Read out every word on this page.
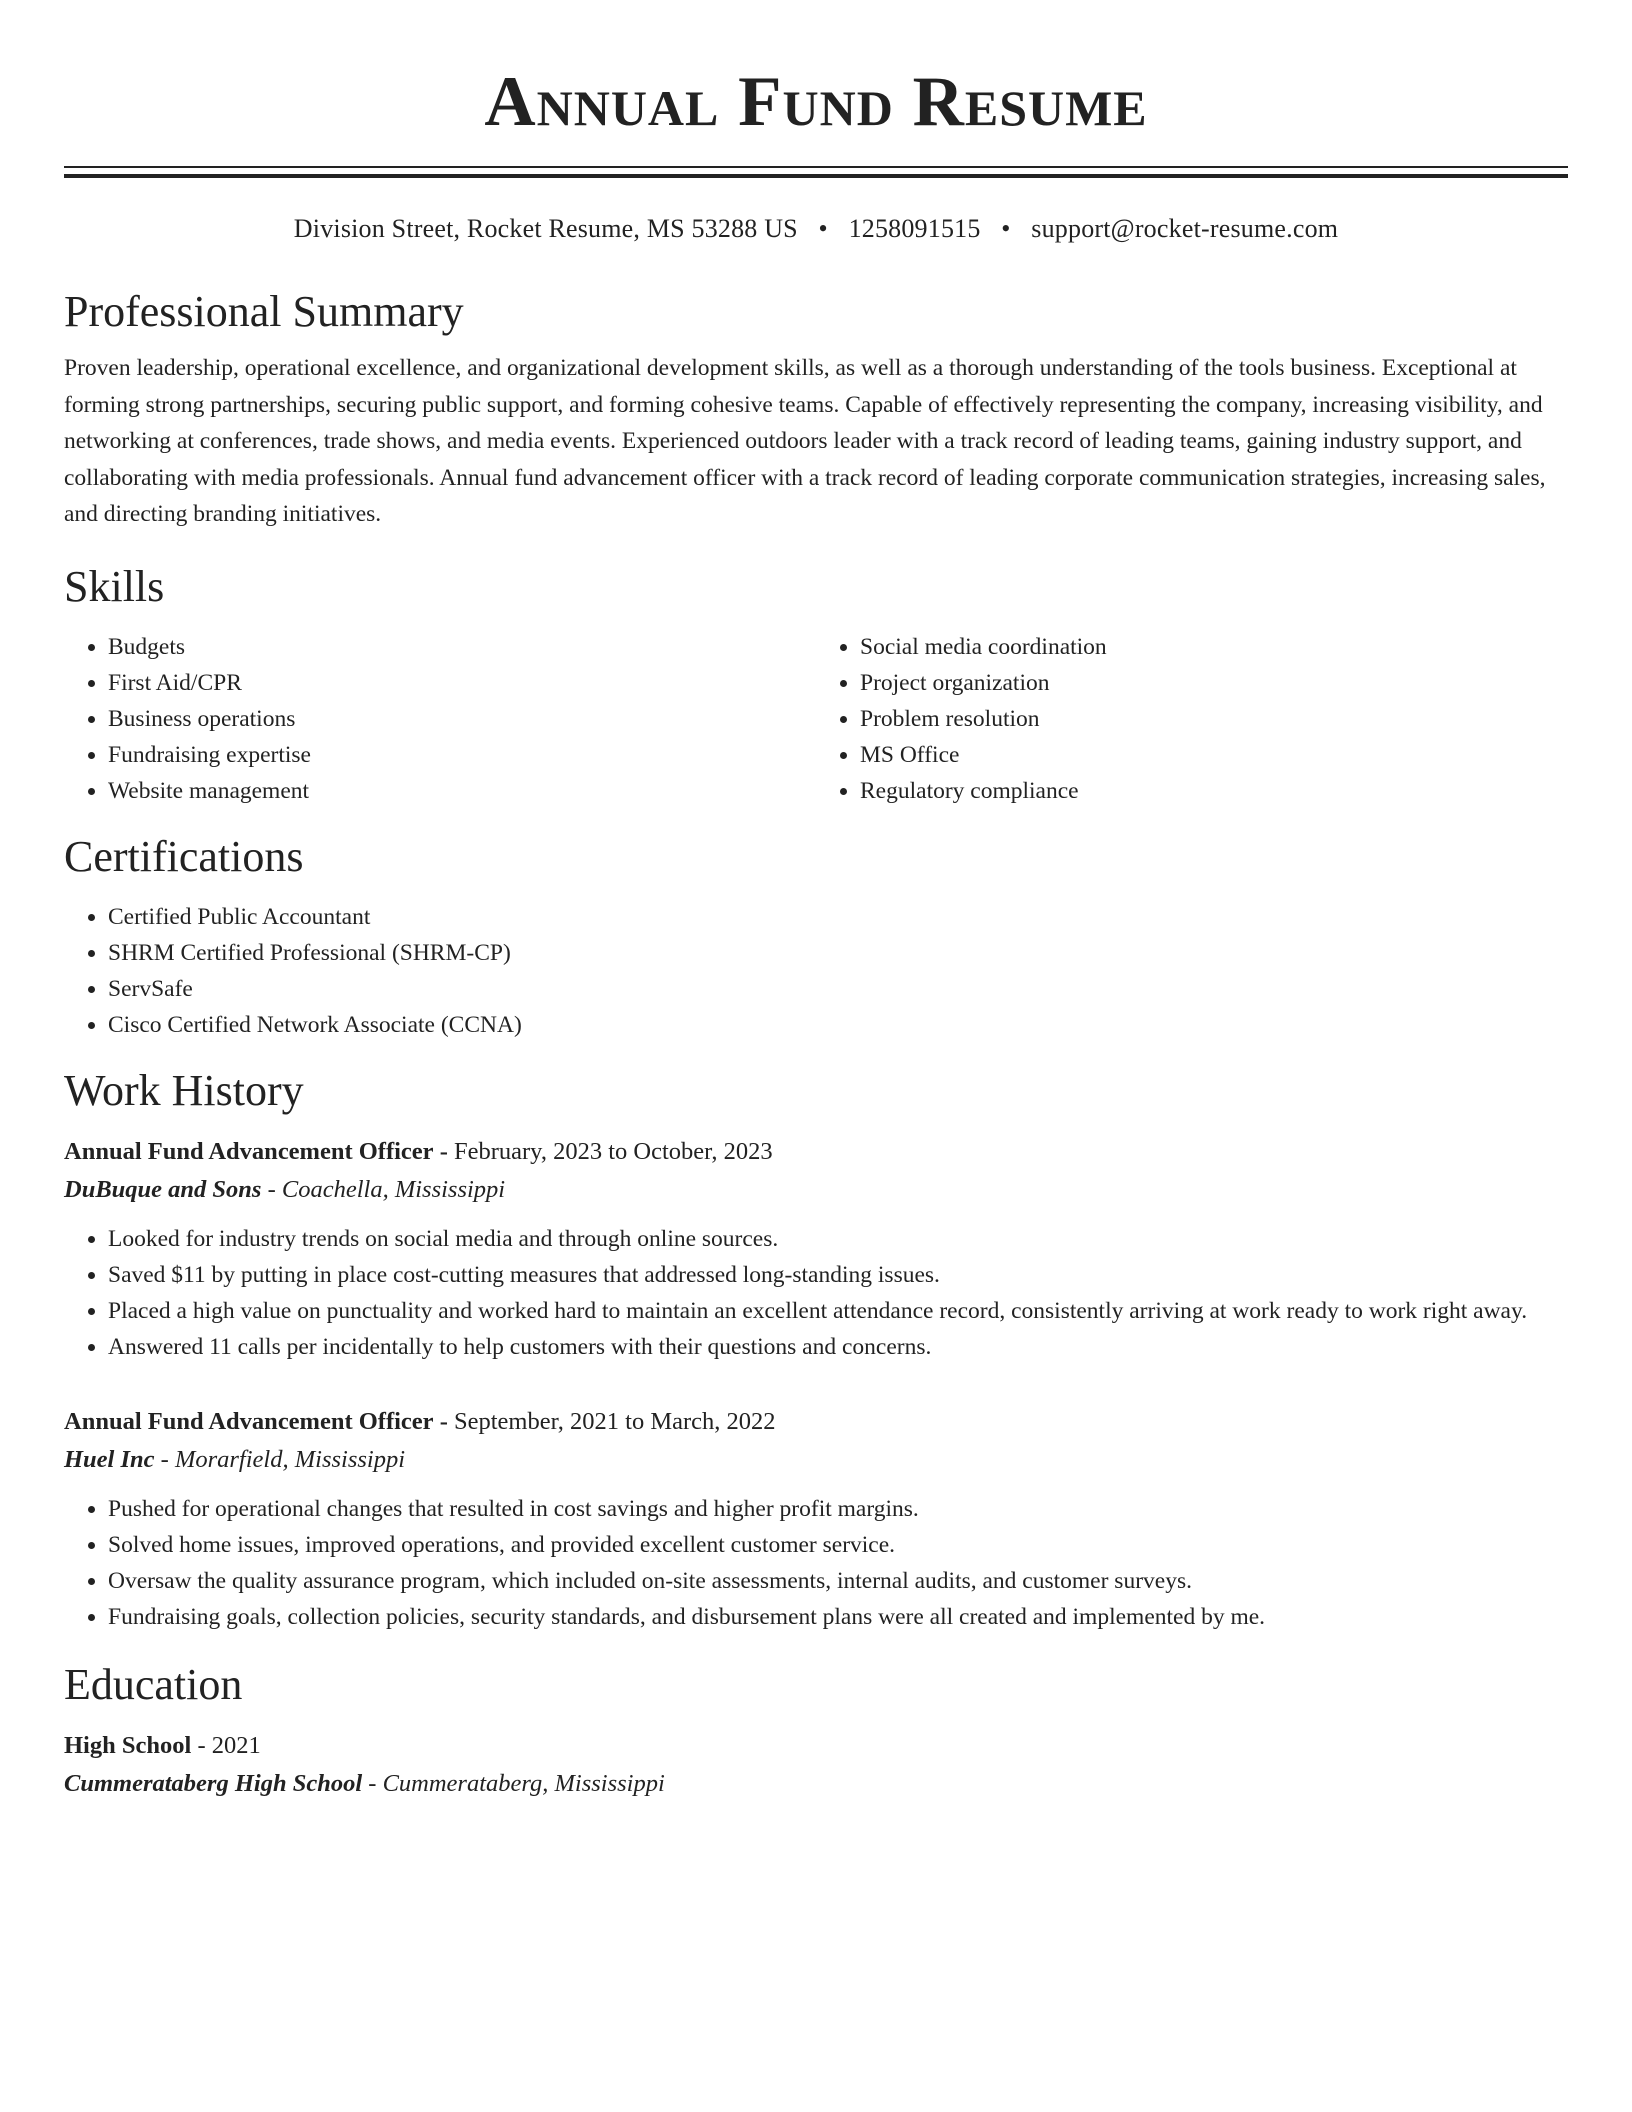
Annual Fund Resume
Division Street, Rocket Resume, MS 53288 US • 1258091515 • support@rocket-resume.com
Professional Summary
Proven leadership, operational excellence, and organizational development skills, as well as a thorough understanding of the tools business. Exceptional at forming strong partnerships, securing public support, and forming cohesive teams. Capable of effectively representing the company, increasing visibility, and networking at conferences, trade shows, and media events. Experienced outdoors leader with a track record of leading teams, gaining industry support, and collaborating with media professionals. Annual fund advancement officer with a track record of leading corporate communication strategies, increasing sales, and directing branding initiatives.
Skills
• Budgets
• First Aid/CPR
• Business operations
• Fundraising expertise
• Website management
• Social media coordination
• Project organization
• Problem resolution
• MS Office
• Regulatory compliance
Certifications
• Certified Public Accountant
• SHRM Certified Professional (SHRM-CP)
• ServSafe
• Cisco Certified Network Associate (CCNA)
Work History
Annual Fund Advancement Officer - February, 2023 to October, 2023
DuBuque and Sons - Coachella, Mississippi
• Looked for industry trends on social media and through online sources.
• Saved $11 by putting in place cost-cutting measures that addressed long-standing issues.
• Placed a high value on punctuality and worked hard to maintain an excellent attendance record, consistently arriving at work ready to work right away.
• Answered 11 calls per incidentally to help customers with their questions and concerns.
Annual Fund Advancement Officer - September, 2021 to March, 2022
Huel Inc - Morarfield, Mississippi
• Pushed for operational changes that resulted in cost savings and higher profit margins.
• Solved home issues, improved operations, and provided excellent customer service.
• Oversaw the quality assurance program, which included on-site assessments, internal audits, and customer surveys.
• Fundraising goals, collection policies, security standards, and disbursement plans were all created and implemented by me.
Education
High School - 2021
Cummerataberg High School - Cummerataberg, Mississippi
